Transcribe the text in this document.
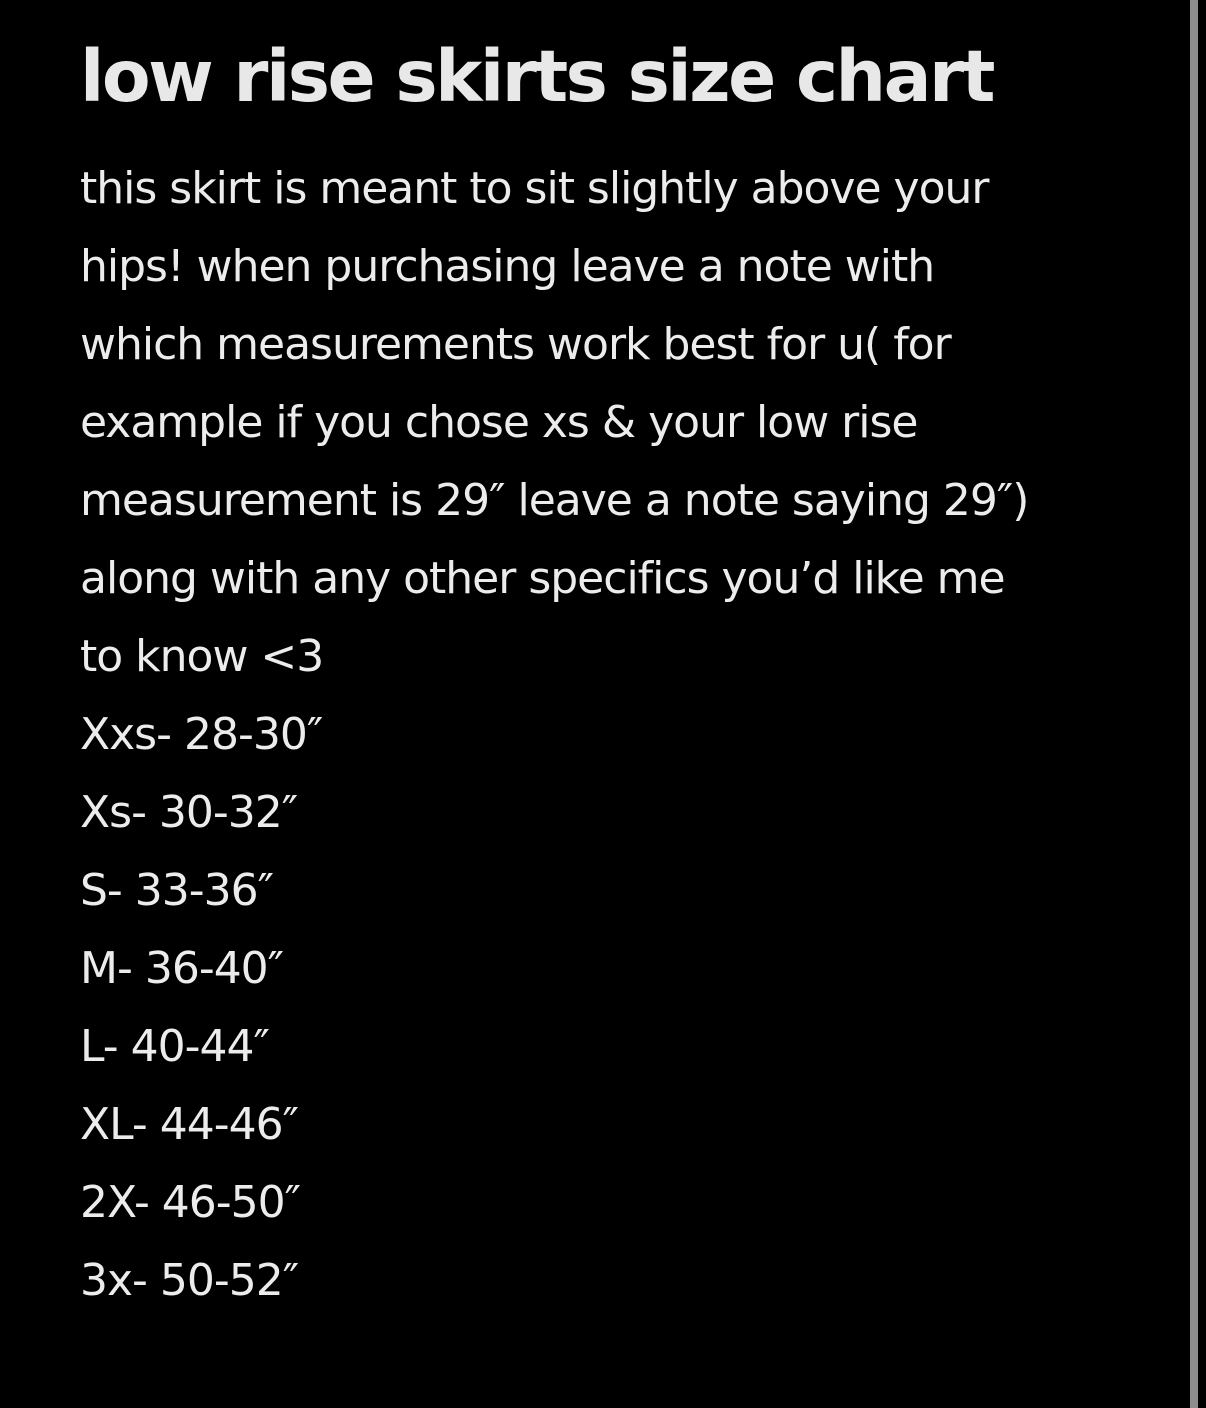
low rise skirts size chart

this skirt is meant to sit slightly above your

hips! when purchasing leave a note with

which measurements work best for u( for

example if you chose xs & your low rise

measurement is 29″ leave a note saying 29″)

along with any other specifics you’d like me

to know <3

Xxs- 28-30″

Xs- 30-32″

S- 33-36″

M- 36-40″

L- 40-44″

XL- 44-46″

2X- 46-50″

3x- 50-52″
